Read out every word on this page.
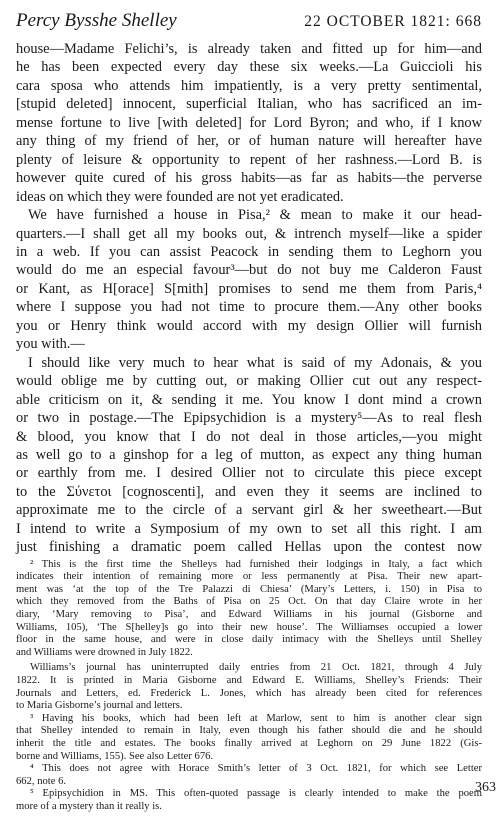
Percy Bysshe Shelley	22 OCTOBER 1821: 668
house—Madame Felichi’s, is already taken and fitted up for him—and
he has been expected every day these six weeks.—La Guiccioli his
cara sposa who attends him impatiently, is a very pretty sentimental,
[stupid deleted] innocent, superficial Italian, who has sacrificed an im-
mense fortune to live [with deleted] for Lord Byron; and who, if I know
any thing of my friend of her, or of human nature will hereafter have
plenty of leisure & opportunity to repent of her rashness.—Lord B. is
however quite cured of his gross habits—as far as habits—the perverse
ideas on which they were founded are not yet eradicated.
We have furnished a house in Pisa,² & mean to make it our head-
quarters.—I shall get all my books out, & intrench myself—like a spider
in a web. If you can assist Peacock in sending them to Leghorn you
would do me an especial favour³—but do not buy me Calderon Faust
or Kant, as H[orace] S[mith] promises to send me them from Paris,⁴
where I suppose you had not time to procure them.—Any other books
you or Henry think would accord with my design Ollier will furnish
you with.—
I should like very much to hear what is said of my Adonais, & you
would oblige me by cutting out, or making Ollier cut out any respect-
able criticism on it, & sending it me. You know I dont mind a crown
or two in postage.—The Epipsychidion is a mystery⁵—As to real flesh
& blood, you know that I do not deal in those articles,—you might
as well go to a ginshop for a leg of mutton, as expect any thing human
or earthly from me. I desired Ollier not to circulate this piece except
to the Σύνετοι [cognoscenti], and even they it seems are inclined to
approximate me to the circle of a servant girl & her sweetheart.—But
I intend to write a Symposium of my own to set all this right. I am
just finishing a dramatic poem called Hellas upon the contest now
² This is the first time the Shelleys had furnished their lodgings in Italy, a fact which
indicates their intention of remaining more or less permanently at Pisa. Their new apart-
ment was ‘at the top of the Tre Palazzi di Chiesa’ (Mary’s Letters, i. 150) in Pisa to
which they removed from the Baths of Pisa on 25 Oct. On that day Claire wrote in her
diary, ‘Mary removing to Pisa’, and Edward Williams in his journal (Gisborne and
Williams, 105), ‘The S[helley]s go into their new house’. The Williamses occupied a lower
floor in the same house, and were in close daily intimacy with the Shelleys until Shelley
and Williams were drowned in July 1822.
Williams’s journal has uninterrupted daily entries from 21 Oct. 1821, through 4 July
1822. It is printed in Maria Gisborne and Edward E. Williams, Shelley’s Friends: Their
Journals and Letters, ed. Frederick L. Jones, which has already been cited for references
to Maria Gisborne’s journal and letters.
³ Having his books, which had been left at Marlow, sent to him is another clear sign
that Shelley intended to remain in Italy, even though his father should die and he should
inherit the title and estates. The books finally arrived at Leghorn on 29 June 1822 (Gis-
borne and Williams, 155). See also Letter 676.
⁴ This does not agree with Horace Smith’s letter of 3 Oct. 1821, for which see Letter
662, note 6.
⁵ Epipsychidion in MS. This often-quoted passage is clearly intended to make the poem
more of a mystery than it really is.
363
